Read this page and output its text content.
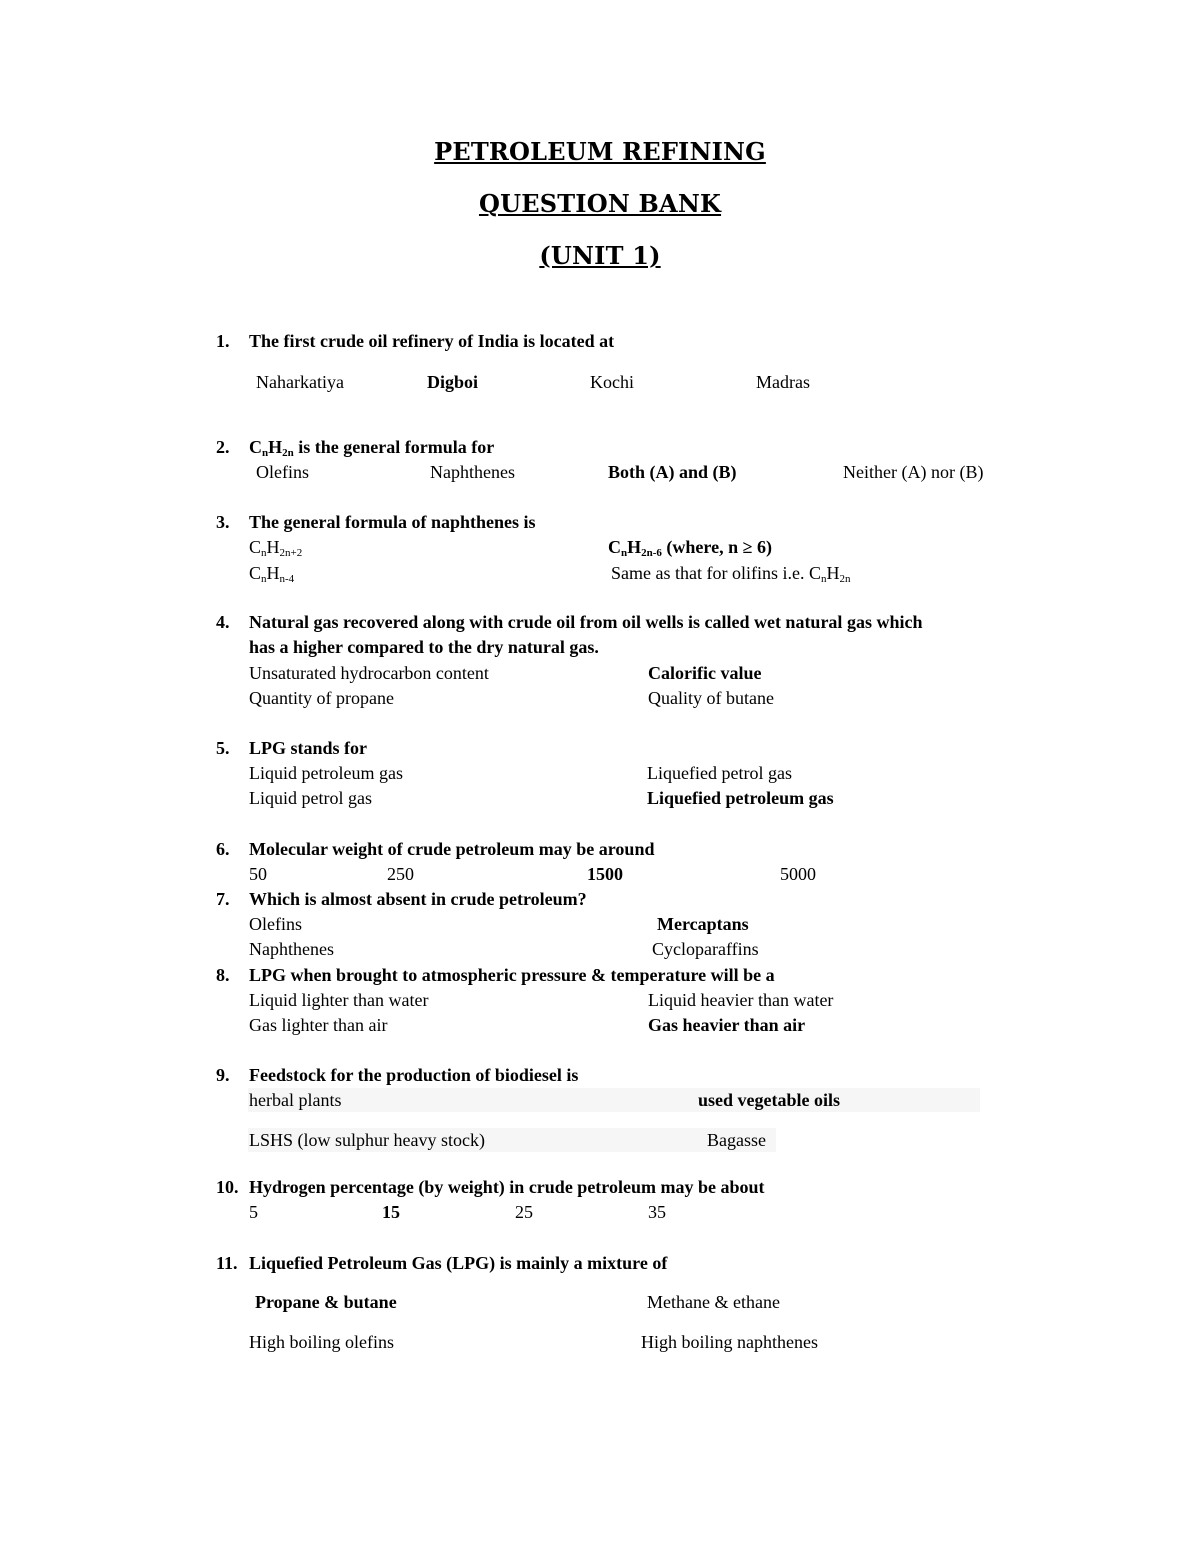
PETROLEUM REFINING
QUESTION BANK
(UNIT 1)
1. The first crude oil refinery of India is located at
Naharkatiya	Digboi	Kochi	Madras
2. $C_nH_{2n}$ is the general formula for
Olefins	Naphthenes	Both (A) and (B)	Neither (A) nor (B)
3. The general formula of naphthenes is
$C_nH_{2n+2}$	$C_nH_{2n-6}$ (where, n ≥ 6)
$C_nH_{n-4}$	Same as that for olifins i.e. $C_nH_{2n}$
4. Natural gas recovered along with crude oil from oil wells is called wet natural gas which
has a higher compared to the dry natural gas.
Unsaturated hydrocarbon content	Calorific value
Quantity of propane	Quality of butane
5. LPG stands for
Liquid petroleum gas	Liquefied petrol gas
Liquid petrol gas	Liquefied petroleum gas
6. Molecular weight of crude petroleum may be around
50	250	1500	5000
7. Which is almost absent in crude petroleum?
Olefins	Mercaptans
Naphthenes	Cycloparaffins
8. LPG when brought to atmospheric pressure & temperature will be a
Liquid lighter than water	Liquid heavier than water
Gas lighter than air	Gas heavier than air
9. Feedstock for the production of biodiesel is
herbal plants	used vegetable oils
LSHS (low sulphur heavy stock)	Bagasse
10. Hydrogen percentage (by weight) in crude petroleum may be about
5	15	25	35
11. Liquefied Petroleum Gas (LPG) is mainly a mixture of
Propane & butane	Methane & ethane
High boiling olefins	High boiling naphthenes
